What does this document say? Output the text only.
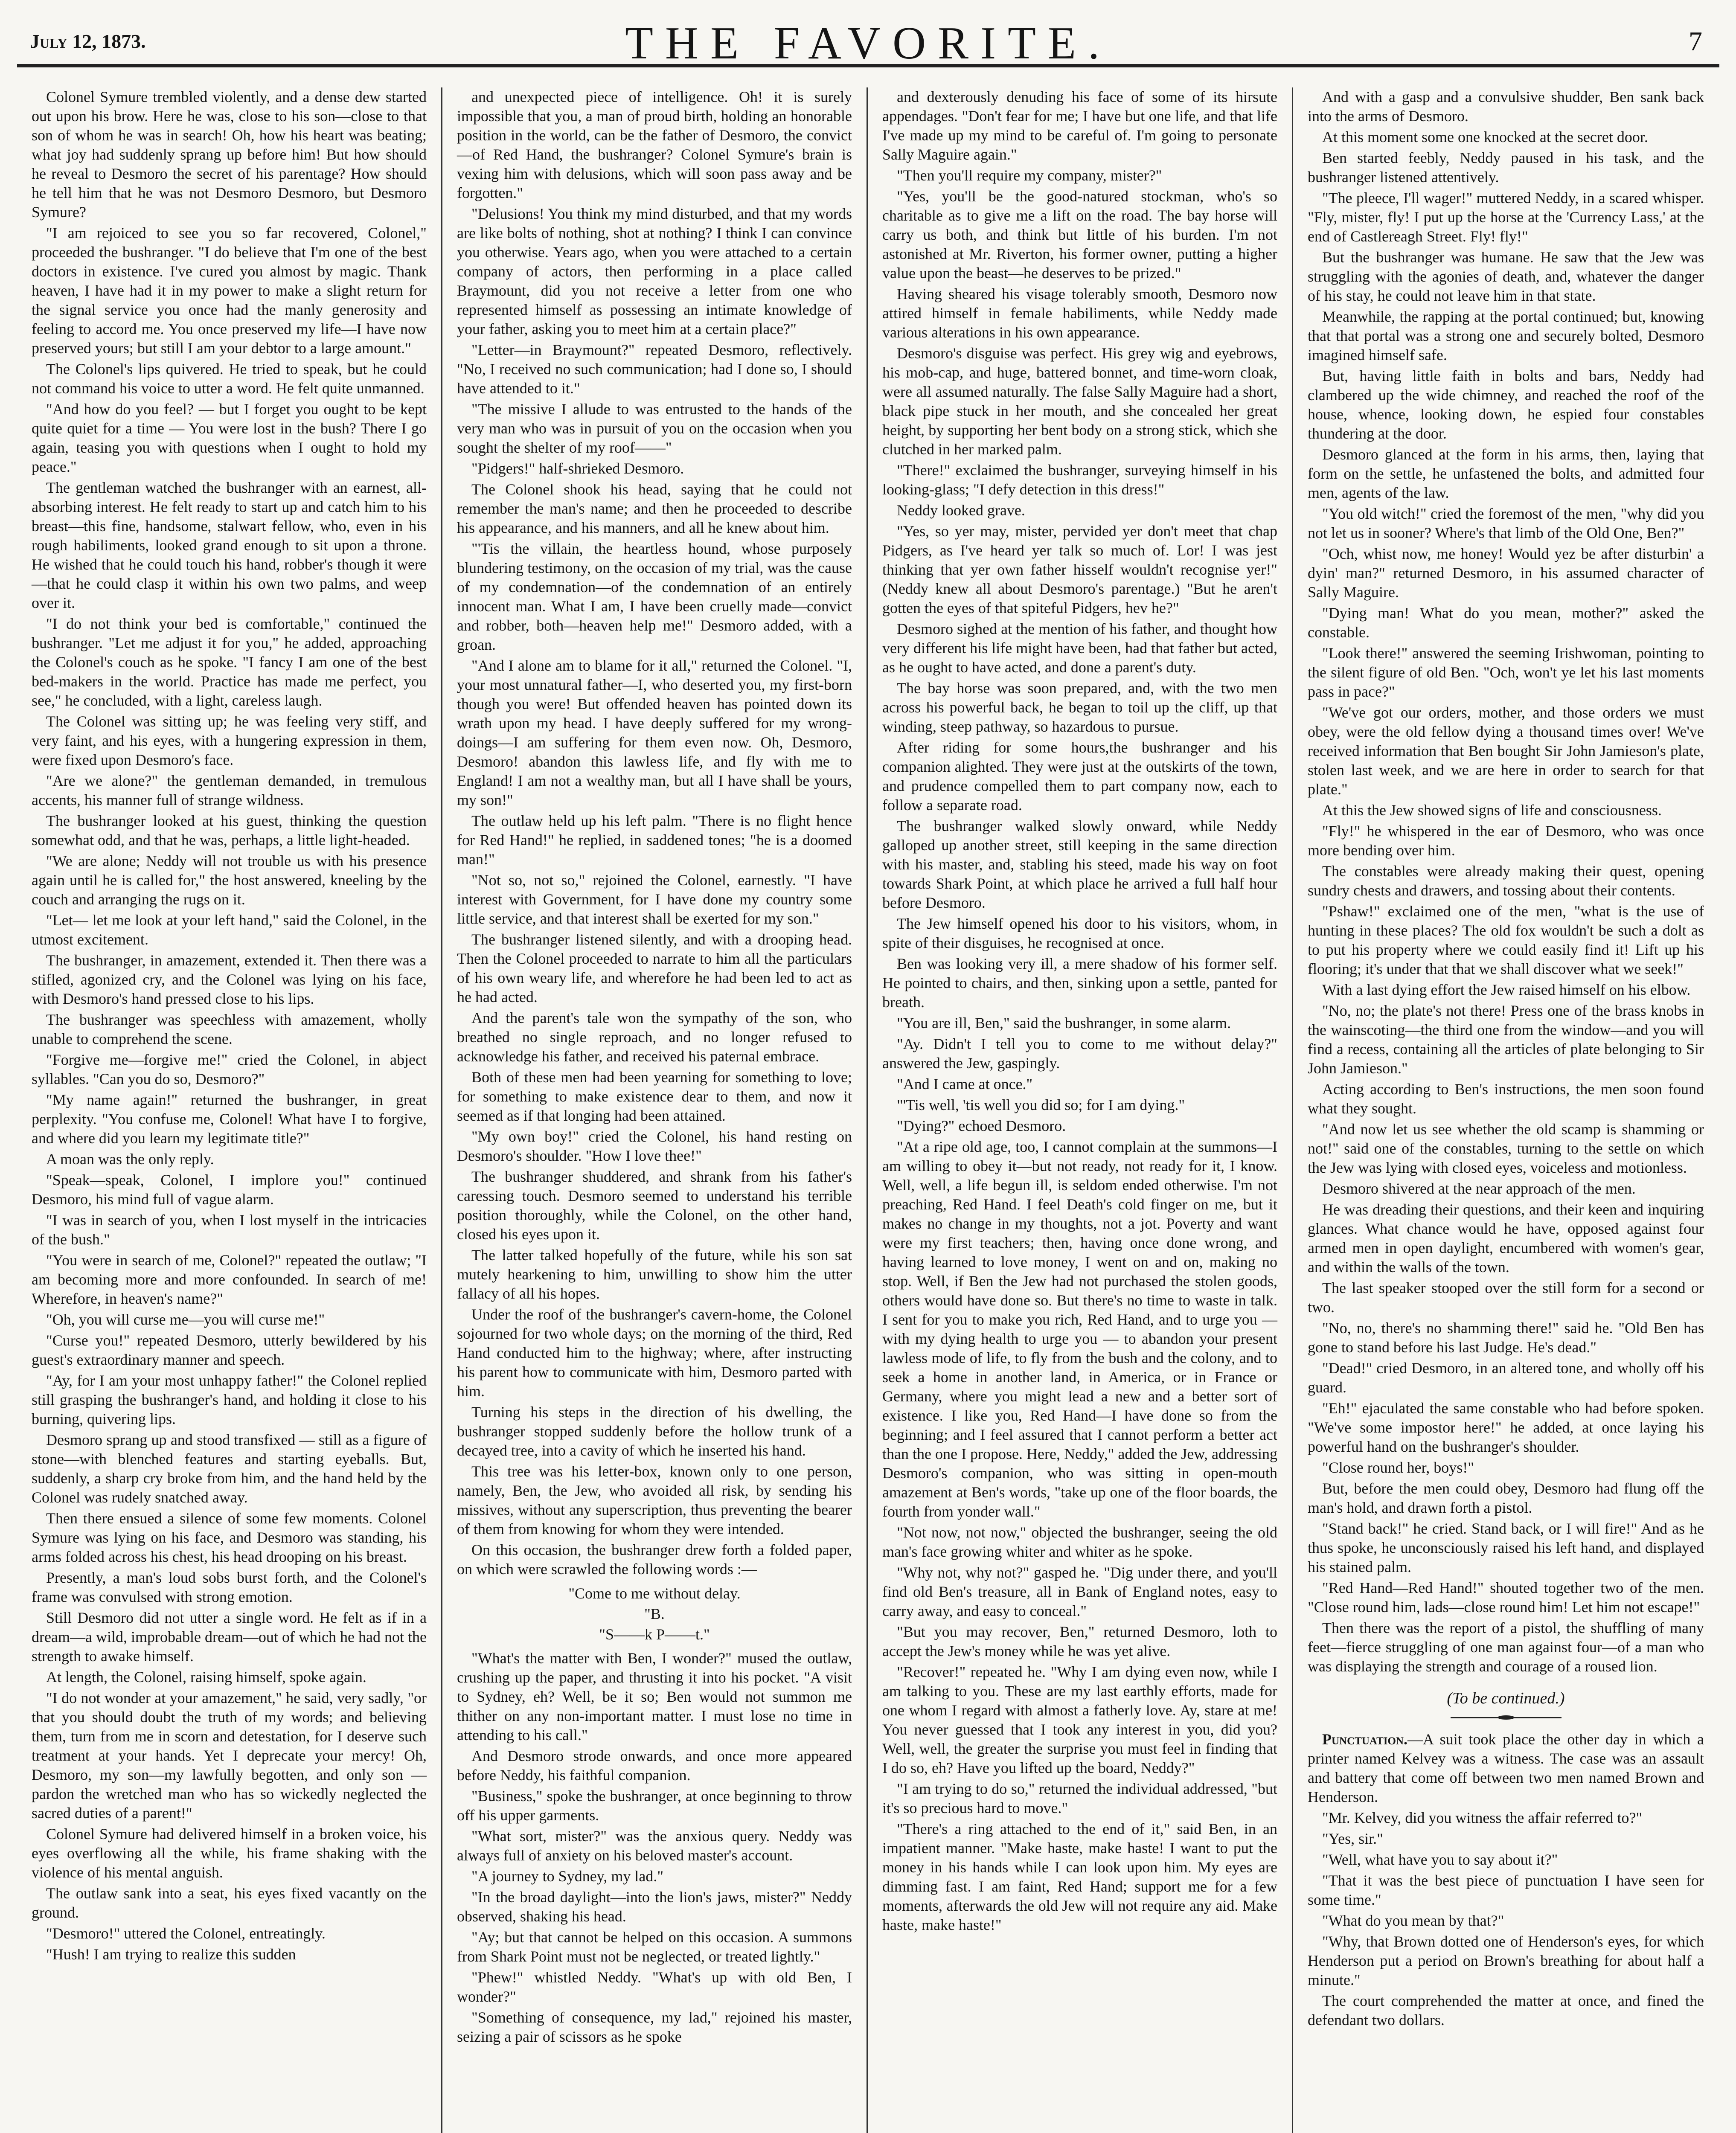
July 12, 1873.	THE FAVORITE.	7

Colonel Symure trembled violently, and a dense dew started out upon his brow. Here he was, close to his son—close to that son of whom he was in search! Oh, how his heart was beating; what joy had suddenly sprang up before him! But how should he reveal to Desmoro the secret of his parentage? How should he tell him that he was not Desmoro Desmoro, but Desmoro Symure?

"I am rejoiced to see you so far recovered, Colonel," proceeded the bushranger. "I do believe that I'm one of the best doctors in existence. I've cured you almost by magic. Thank heaven, I have had it in my power to make a slight return for the signal service you once had the manly generosity and feeling to accord me. You once preserved my life—I have now preserved yours; but still I am your debtor to a large amount."

The Colonel's lips quivered. He tried to speak, but he could not command his voice to utter a word. He felt quite unmanned.

"And how do you feel? — but I forget you ought to be kept quite quiet for a time — You were lost in the bush? There I go again, teasing you with questions when I ought to hold my peace."

The gentleman watched the bushranger with an earnest, all-absorbing interest. He felt ready to start up and catch him to his breast—this fine, handsome, stalwart fellow, who, even in his rough habiliments, looked grand enough to sit upon a throne. He wished that he could touch his hand, robber's though it were—that he could clasp it within his own two palms, and weep over it.

"I do not think your bed is comfortable," continued the bushranger. "Let me adjust it for you," he added, approaching the Colonel's couch as he spoke. "I fancy I am one of the best bed-makers in the world. Practice has made me perfect, you see," he concluded, with a light, careless laugh.

The Colonel was sitting up; he was feeling very stiff, and very faint, and his eyes, with a hungering expression in them, were fixed upon Desmoro's face.

"Are we alone?" the gentleman demanded, in tremulous accents, his manner full of strange wildness.

The bushranger looked at his guest, thinking the question somewhat odd, and that he was, perhaps, a little light-headed.

"We are alone; Neddy will not trouble us with his presence again until he is called for," the host answered, kneeling by the couch and arranging the rugs on it.

"Let— let me look at your left hand," said the Colonel, in the utmost excitement.

The bushranger, in amazement, extended it. Then there was a stifled, agonized cry, and the Colonel was lying on his face, with Desmoro's hand pressed close to his lips.

The bushranger was speechless with amazement, wholly unable to comprehend the scene.

"Forgive me—forgive me!" cried the Colonel, in abject syllables. "Can you do so, Desmoro?"

"My name again!" returned the bushranger, in great perplexity. "You confuse me, Colonel! What have I to forgive, and where did you learn my legitimate title?"

A moan was the only reply.

"Speak—speak, Colonel, I implore you!" continued Desmoro, his mind full of vague alarm.

"I was in search of you, when I lost myself in the intricacies of the bush."

"You were in search of me, Colonel?" repeated the outlaw; "I am becoming more and more confounded. In search of me! Wherefore, in heaven's name?"

"Oh, you will curse me—you will curse me!"

"Curse you!" repeated Desmoro, utterly bewildered by his guest's extraordinary manner and speech.

"Ay, for I am your most unhappy father!" the Colonel replied still grasping the bushranger's hand, and holding it close to his burning, quivering lips.

Desmoro sprang up and stood transfixed — still as a figure of stone—with blenched features and starting eyeballs. But, suddenly, a sharp cry broke from him, and the hand held by the Colonel was rudely snatched away.

Then there ensued a silence of some few moments. Colonel Symure was lying on his face, and Desmoro was standing, his arms folded across his chest, his head drooping on his breast.

Presently, a man's loud sobs burst forth, and the Colonel's frame was convulsed with strong emotion.

Still Desmoro did not utter a single word. He felt as if in a dream—a wild, improbable dream—out of which he had not the strength to awake himself.

At length, the Colonel, raising himself, spoke again.

"I do not wonder at your amazement," he said, very sadly, "or that you should doubt the truth of my words; and believing them, turn from me in scorn and detestation, for I deserve such treatment at your hands. Yet I deprecate your mercy! Oh, Desmoro, my son—my lawfully begotten, and only son — pardon the wretched man who has so wickedly neglected the sacred duties of a parent!"

Colonel Symure had delivered himself in a broken voice, his eyes overflowing all the while, his frame shaking with the violence of his mental anguish.

The outlaw sank into a seat, his eyes fixed vacantly on the ground.

"Desmoro!" uttered the Colonel, entreatingly.

"Hush! I am trying to realize this sudden

and unexpected piece of intelligence. Oh! it is surely impossible that you, a man of proud birth, holding an honorable position in the world, can be the father of Desmoro, the convict—of Red Hand, the bushranger? Colonel Symure's brain is vexing him with delusions, which will soon pass away and be forgotten."

"Delusions! You think my mind disturbed, and that my words are like bolts of nothing, shot at nothing? I think I can convince you otherwise. Years ago, when you were attached to a certain company of actors, then performing in a place called Braymount, did you not receive a letter from one who represented himself as possessing an intimate knowledge of your father, asking you to meet him at a certain place?"

"Letter—in Braymount?" repeated Desmoro, reflectively. "No, I received no such communication; had I done so, I should have attended to it."

"The missive I allude to was entrusted to the hands of the very man who was in pursuit of you on the occasion when you sought the shelter of my roof——"

"Pidgers!" half-shrieked Desmoro.

The Colonel shook his head, saying that he could not remember the man's name; and then he proceeded to describe his appearance, and his manners, and all he knew about him.

"'Tis the villain, the heartless hound, whose purposely blundering testimony, on the occasion of my trial, was the cause of my condemnation—of the condemnation of an entirely innocent man. What I am, I have been cruelly made—convict and robber, both—heaven help me!" Desmoro added, with a groan.

"And I alone am to blame for it all," returned the Colonel. "I, your most unnatural father—I, who deserted you, my first-born though you were! But offended heaven has pointed down its wrath upon my head. I have deeply suffered for my wrong-doings—I am suffering for them even now. Oh, Desmoro, Desmoro! abandon this lawless life, and fly with me to England! I am not a wealthy man, but all I have shall be yours, my son!"

The outlaw held up his left palm. "There is no flight hence for Red Hand!" he replied, in saddened tones; "he is a doomed man!"

"Not so, not so," rejoined the Colonel, earnestly. "I have interest with Government, for I have done my country some little service, and that interest shall be exerted for my son."

The bushranger listened silently, and with a drooping head. Then the Colonel proceeded to narrate to him all the particulars of his own weary life, and wherefore he had been led to act as he had acted.

And the parent's tale won the sympathy of the son, who breathed no single reproach, and no longer refused to acknowledge his father, and received his paternal embrace.

Both of these men had been yearning for something to love; for something to make existence dear to them, and now it seemed as if that longing had been attained.

"My own boy!" cried the Colonel, his hand resting on Desmoro's shoulder. "How I love thee!"

The bushranger shuddered, and shrank from his father's caressing touch. Desmoro seemed to understand his terrible position thoroughly, while the Colonel, on the other hand, closed his eyes upon it.

The latter talked hopefully of the future, while his son sat mutely hearkening to him, unwilling to show him the utter fallacy of all his hopes.

Under the roof of the bushranger's cavern-home, the Colonel sojourned for two whole days; on the morning of the third, Red Hand conducted him to the highway; where, after instructing his parent how to communicate with him, Desmoro parted with him.

Turning his steps in the direction of his dwelling, the bushranger stopped suddenly before the hollow trunk of a decayed tree, into a cavity of which he inserted his hand.

This tree was his letter-box, known only to one person, namely, Ben, the Jew, who avoided all risk, by sending his missives, without any superscription, thus preventing the bearer of them from knowing for whom they were intended.

On this occasion, the bushranger drew forth a folded paper, on which were scrawled the following words :—

"Come to me without delay.

"B.

"S——k P——t."

"What's the matter with Ben, I wonder?" mused the outlaw, crushing up the paper, and thrusting it into his pocket. "A visit to Sydney, eh? Well, be it so; Ben would not summon me thither on any non-important matter. I must lose no time in attending to his call."

And Desmoro strode onwards, and once more appeared before Neddy, his faithful companion.

"Business," spoke the bushranger, at once beginning to throw off his upper garments.

"What sort, mister?" was the anxious query. Neddy was always full of anxiety on his beloved master's account.

"A journey to Sydney, my lad."

"In the broad daylight—into the lion's jaws, mister?" Neddy observed, shaking his head.

"Ay; but that cannot be helped on this occasion. A summons from Shark Point must not be neglected, or treated lightly."

"Phew!" whistled Neddy. "What's up with old Ben, I wonder?"

"Something of consequence, my lad," rejoined his master, seizing a pair of scissors as he spoke

and dexterously denuding his face of some of its hirsute appendages. "Don't fear for me; I have but one life, and that life I've made up my mind to be careful of. I'm going to personate Sally Maguire again."

"Then you'll require my company, mister?"

"Yes, you'll be the good-natured stockman, who's so charitable as to give me a lift on the road. The bay horse will carry us both, and think but little of his burden. I'm not astonished at Mr. Riverton, his former owner, putting a higher value upon the beast—he deserves to be prized."

Having sheared his visage tolerably smooth, Desmoro now attired himself in female habiliments, while Neddy made various alterations in his own appearance.

Desmoro's disguise was perfect. His grey wig and eyebrows, his mob-cap, and huge, battered bonnet, and time-worn cloak, were all assumed naturally. The false Sally Maguire had a short, black pipe stuck in her mouth, and she concealed her great height, by supporting her bent body on a strong stick, which she clutched in her marked palm.

"There!" exclaimed the bushranger, surveying himself in his looking-glass; "I defy detection in this dress!"

Neddy looked grave.

"Yes, so yer may, mister, pervided yer don't meet that chap Pidgers, as I've heard yer talk so much of. Lor! I was jest thinking that yer own father hisself wouldn't recognise yer!" (Neddy knew all about Desmoro's parentage.) "But he aren't gotten the eyes of that spiteful Pidgers, hev he?"

Desmoro sighed at the mention of his father, and thought how very different his life might have been, had that father but acted, as he ought to have acted, and done a parent's duty.

The bay horse was soon prepared, and, with the two men across his powerful back, he began to toil up the cliff, up that winding, steep pathway, so hazardous to pursue.

After riding for some hours,the bushranger and his companion alighted. They were just at the outskirts of the town, and prudence compelled them to part company now, each to follow a separate road.

The bushranger walked slowly onward, while Neddy galloped up another street, still keeping in the same direction with his master, and, stabling his steed, made his way on foot towards Shark Point, at which place he arrived a full half hour before Desmoro.

The Jew himself opened his door to his visitors, whom, in spite of their disguises, he recognised at once.

Ben was looking very ill, a mere shadow of his former self. He pointed to chairs, and then, sinking upon a settle, panted for breath.

"You are ill, Ben," said the bushranger, in some alarm.

"Ay. Didn't I tell you to come to me without delay?" answered the Jew, gaspingly.

"And I came at once."

"'Tis well, 'tis well you did so; for I am dying."

"Dying?" echoed Desmoro.

"At a ripe old age, too, I cannot complain at the summons—I am willing to obey it—but not ready, not ready for it, I know. Well, well, a life begun ill, is seldom ended otherwise. I'm not preaching, Red Hand. I feel Death's cold finger on me, but it makes no change in my thoughts, not a jot. Poverty and want were my first teachers; then, having once done wrong, and having learned to love money, I went on and on, making no stop. Well, if Ben the Jew had not purchased the stolen goods, others would have done so. But there's no time to waste in talk. I sent for you to make you rich, Red Hand, and to urge you — with my dying health to urge you — to abandon your present lawless mode of life, to fly from the bush and the colony, and to seek a home in another land, in America, or in France or Germany, where you might lead a new and a better sort of existence. I like you, Red Hand—I have done so from the beginning; and I feel assured that I cannot perform a better act than the one I propose. Here, Neddy," added the Jew, addressing Desmoro's companion, who was sitting in open-mouth amazement at Ben's words, "take up one of the floor boards, the fourth from yonder wall."

"Not now, not now," objected the bushranger, seeing the old man's face growing whiter and whiter as he spoke.

"Why not, why not?" gasped he. "Dig under there, and you'll find old Ben's treasure, all in Bank of England notes, easy to carry away, and easy to conceal."

"But you may recover, Ben," returned Desmoro, loth to accept the Jew's money while he was yet alive.

"Recover!" repeated he. "Why I am dying even now, while I am talking to you. These are my last earthly efforts, made for one whom I regard with almost a fatherly love. Ay, stare at me! You never guessed that I took any interest in you, did you? Well, well, the greater the surprise you must feel in finding that I do so, eh? Have you lifted up the board, Neddy?"

"I am trying to do so," returned the individual addressed, "but it's so precious hard to move."

"There's a ring attached to the end of it," said Ben, in an impatient manner. "Make haste, make haste! I want to put the money in his hands while I can look upon him. My eyes are dimming fast. I am faint, Red Hand; support me for a few moments, afterwards the old Jew will not require any aid. Make haste, make haste!"

And with a gasp and a convulsive shudder, Ben sank back into the arms of Desmoro.

At this moment some one knocked at the secret door.

Ben started feebly, Neddy paused in his task, and the bushranger listened attentively.

"The pleece, I'll wager!" muttered Neddy, in a scared whisper. "Fly, mister, fly! I put up the horse at the 'Currency Lass,' at the end of Castlereagh Street. Fly! fly!"

But the bushranger was humane. He saw that the Jew was struggling with the agonies of death, and, whatever the danger of his stay, he could not leave him in that state.

Meanwhile, the rapping at the portal continued; but, knowing that that portal was a strong one and securely bolted, Desmoro imagined himself safe.

But, having little faith in bolts and bars, Neddy had clambered up the wide chimney, and reached the roof of the house, whence, looking down, he espied four constables thundering at the door.

Desmoro glanced at the form in his arms, then, laying that form on the settle, he unfastened the bolts, and admitted four men, agents of the law.

"You old witch!" cried the foremost of the men, "why did you not let us in sooner? Where's that limb of the Old One, Ben?"

"Och, whist now, me honey! Would yez be after disturbin' a dyin' man?" returned Desmoro, in his assumed character of Sally Maguire.

"Dying man! What do you mean, mother?" asked the constable.

"Look there!" answered the seeming Irishwoman, pointing to the silent figure of old Ben. "Och, won't ye let his last moments pass in pace?"

"We've got our orders, mother, and those orders we must obey, were the old fellow dying a thousand times over! We've received information that Ben bought Sir John Jamieson's plate, stolen last week, and we are here in order to search for that plate."

At this the Jew showed signs of life and consciousness.

"Fly!" he whispered in the ear of Desmoro, who was once more bending over him.

The constables were already making their quest, opening sundry chests and drawers, and tossing about their contents.

"Pshaw!" exclaimed one of the men, "what is the use of hunting in these places? The old fox wouldn't be such a dolt as to put his property where we could easily find it! Lift up his flooring; it's under that that we shall discover what we seek!"

With a last dying effort the Jew raised himself on his elbow.

"No, no; the plate's not there! Press one of the brass knobs in the wainscoting—the third one from the window—and you will find a recess, containing all the articles of plate belonging to Sir John Jamieson."

Acting according to Ben's instructions, the men soon found what they sought.

"And now let us see whether the old scamp is shamming or not!" said one of the constables, turning to the settle on which the Jew was lying with closed eyes, voiceless and motionless.

Desmoro shivered at the near approach of the men.

He was dreading their questions, and their keen and inquiring glances. What chance would he have, opposed against four armed men in open daylight, encumbered with women's gear, and within the walls of the town.

The last speaker stooped over the still form for a second or two.

"No, no, there's no shamming there!" said he. "Old Ben has gone to stand before his last Judge. He's dead."

"Dead!" cried Desmoro, in an altered tone, and wholly off his guard.

"Eh!" ejaculated the same constable who had before spoken. "We've some impostor here!" he added, at once laying his powerful hand on the bushranger's shoulder.

"Close round her, boys!"

But, before the men could obey, Desmoro had flung off the man's hold, and drawn forth a pistol.

"Stand back!" he cried. Stand back, or I will fire!" And as he thus spoke, he unconsciously raised his left hand, and displayed his stained palm.

"Red Hand—Red Hand!" shouted together two of the men. "Close round him, lads—close round him! Let him not escape!"

Then there was the report of a pistol, the shuffling of many feet—fierce struggling of one man against four—of a man who was displaying the strength and courage of a roused lion.

(To be continued.)

Punctuation.—A suit took place the other day in which a printer named Kelvey was a witness. The case was an assault and battery that come off between two men named Brown and Henderson.

"Mr. Kelvey, did you witness the affair referred to?"

"Yes, sir."

"Well, what have you to say about it?"

"That it was the best piece of punctuation I have seen for some time."

"What do you mean by that?"

"Why, that Brown dotted one of Henderson's eyes, for which Henderson put a period on Brown's breathing for about half a minute."

The court comprehended the matter at once, and fined the defendant two dollars.
